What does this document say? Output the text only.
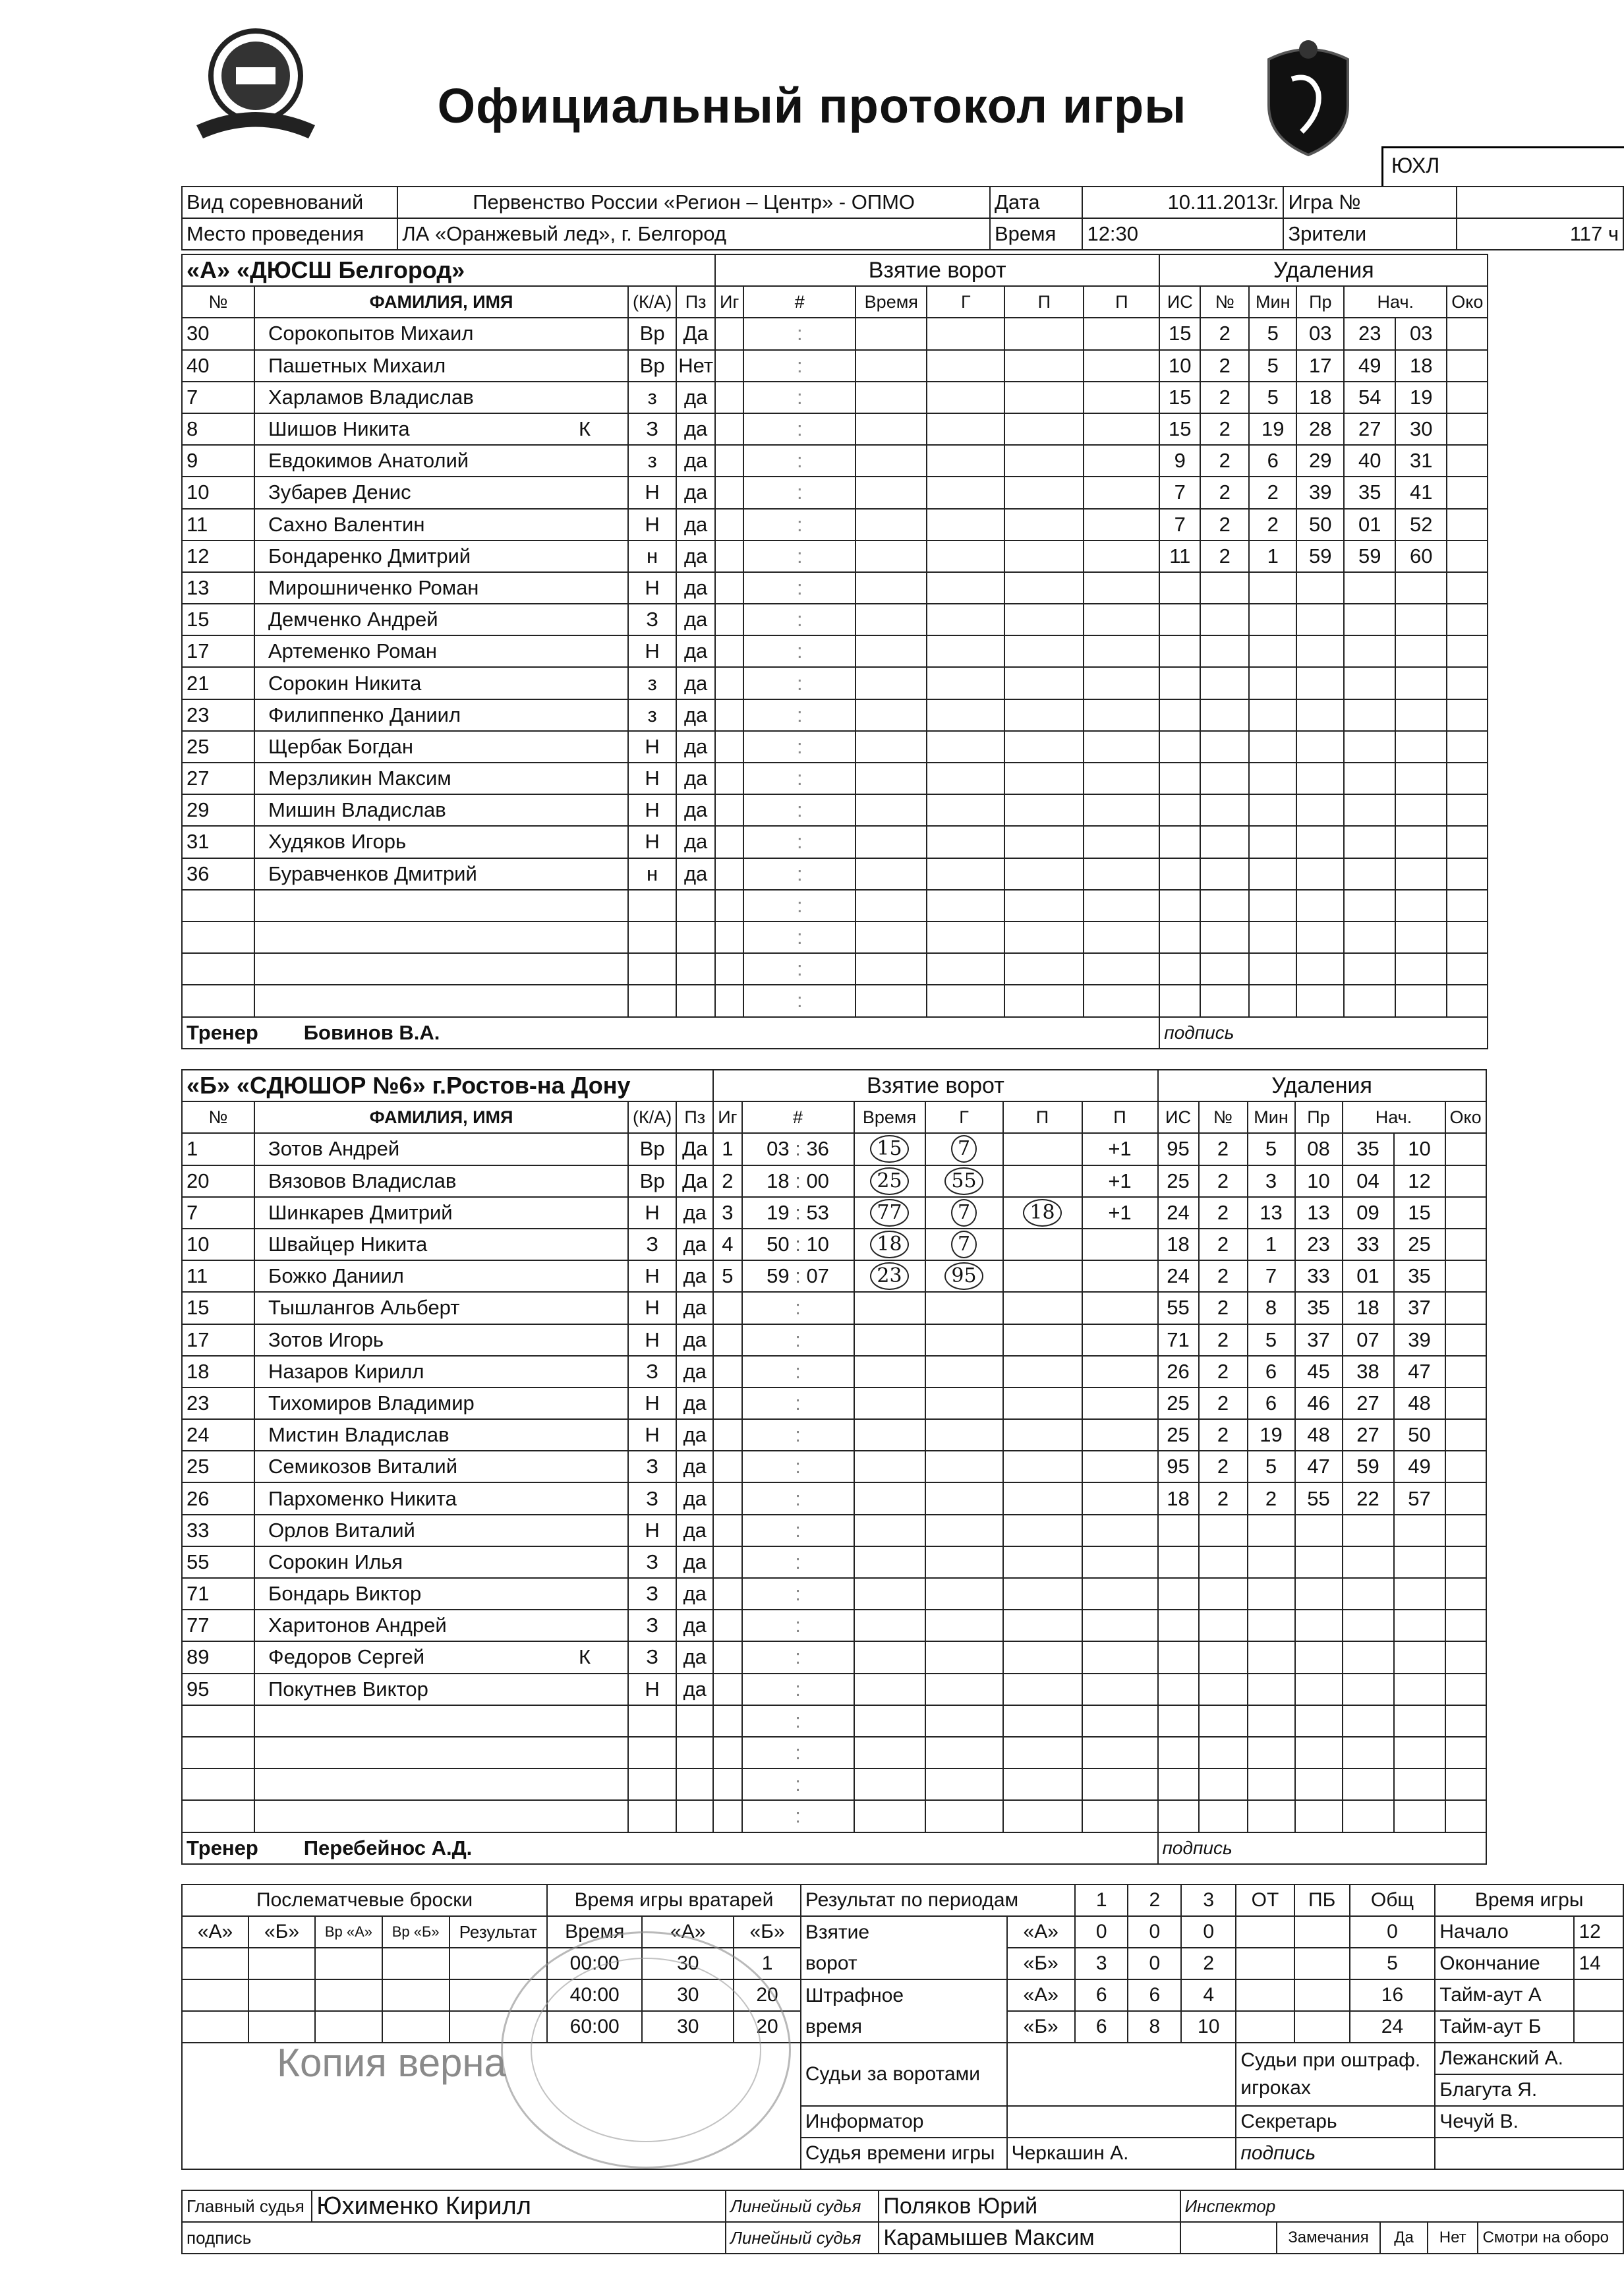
Официальный протокол игры
ЮХЛ
Вид соревнований	Первенство России «Регион – Центр» - ОПМО	Дата	10.11.2013г.	Игра №	
Место проведения	ЛА «Оранжевый лед», г. Белгород	Время	12:30	Зрители	117 ч
«А» «ДЮСШ Белгород»				Взятие ворот						Удаления						
№	ФАМИЛИЯ, ИМЯ	(К/А)	Пз	Иг	#	Время	Г	П	П	ИС	№	Мин	Пр	Нач.		Око
30	Сорокопытов Михаил	Вр	Да		:					15	2	5	03	23	03	
40	Пашетных Михаил	Вр	Нет		:					10	2	5	17	49	18	
7	Харламов Владислав	з	да		:					15	2	5	18	54	19	
8	Шишов Никита К	З	да		:					15	2	19	28	27	30	
9	Евдокимов Анатолий	з	да		:					9	2	6	29	40	31	
10	Зубарев Денис	Н	да		:					7	2	2	39	35	41	
11	Сахно Валентин	Н	да		:					7	2	2	50	01	52	
12	Бондаренко Дмитрий	н	да		:					11	2	1	59	59	60	
13	Мирошниченко Роман	Н	да		:											
15	Демченко Андрей	З	да		:											
17	Артеменко Роман	Н	да		:											
21	Сорокин Никита	з	да		:											
23	Филиппенко Даниил	з	да		:											
25	Щербак Богдан	Н	да		:											
27	Мерзликин Максим	Н	да		:											
29	Мишин Владислав	Н	да		:											
31	Худяков Игорь	Н	да		:											
36	Буравченков Дмитрий	н	да		:											
					:											
					:											
					:											
					:											
Тренер Бовинов В.А.										подпись						
«Б» «СДЮШОР №6» г.Ростов-на Дону				Взятие ворот						Удаления						
№	ФАМИЛИЯ, ИМЯ	(К/А)	Пз	Иг	#	Время	Г	П	П	ИС	№	Мин	Пр	Нач.		Око
1	Зотов Андрей	Вр	Да	1	03 : 36	15	7		+1	95	2	5	08	35	10	
20	Вязовов Владислав	Вр	Да	2	18 : 00	25	55		+1	25	2	3	10	04	12	
7	Шинкарев Дмитрий	Н	да	3	19 : 53	77	7	18	+1	24	2	13	13	09	15	
10	Швайцер Никита	З	да	4	50 : 10	18	7			18	2	1	23	33	25	
11	Божко Даниил	Н	да	5	59 : 07	23	95			24	2	7	33	01	35	
15	Тышлангов Альберт	Н	да		:					55	2	8	35	18	37	
17	Зотов Игорь	Н	да		:					71	2	5	37	07	39	
18	Назаров Кирилл	З	да		:					26	2	6	45	38	47	
23	Тихомиров Владимир	Н	да		:					25	2	6	46	27	48	
24	Мистин Владислав	Н	да		:					25	2	19	48	27	50	
25	Семикозов Виталий	З	да		:					95	2	5	47	59	49	
26	Пархоменко Никита	З	да		:					18	2	2	55	22	57	
33	Орлов Виталий	Н	да		:											
55	Сорокин Илья	З	да		:											
71	Бондарь Виктор	З	да		:											
77	Харитонов Андрей	З	да		:											
89	Федоров Сергей К	З	да		:											
95	Покутнев Виктор	Н	да		:											
					:											
					:											
					:											
					:											
Тренер Перебейнос А.Д.										подпись						
Послематчевые броски					Время игры вратарей			Результат по периодам		1	2	3	ОТ	ПБ	Общ	Время игры	
«А»	«Б»	Вр «А»	Вр «Б»	Результат	Время	«А»	«Б»	Взятие	«А»	0	0	0			0	Начало	12
					00:00	30	1	ворот	«Б»	3	0	2			5	Окончание	14
					40:00	30	20	Штрафное	«А»	6	6	4			16	Тайм-аут А	
					60:00	30	20	время	«Б»	6	8	10			24	Тайм-аут Б	
								Судьи за воротами					Судьи при оштраф. игроках			Лежанский А.	
																Благута Я.	
								Информатор					Секретарь			Чечуй В.	
								Судья времени игры	Черкашин А.				подпись				
Копия верна
Главный судья	Юхименко Кирилл	Линейный судья	Поляков Юрий	Инспектор				
подпись		Линейный судья	Карамышев Максим		Замечания	Да	Нет	Смотри на оборо
